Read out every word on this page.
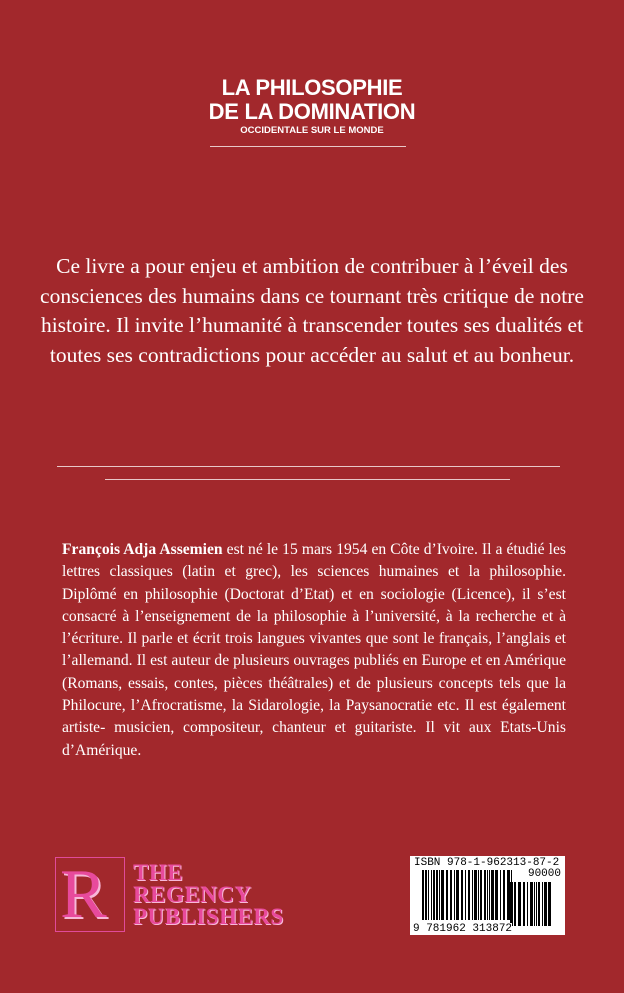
LA PHILOSOPHIE
DE LA DOMINATION
OCCIDENTALE SUR LE MONDE
Ce livre a pour enjeu et ambition de contribuer à l’éveil des consciences des humains dans ce tournant très critique de notre histoire. Il invite l’humanité à transcender toutes ses dualités et toutes ses contradictions pour accéder au salut et au bonheur.
François Adja Assemien est né le 15 mars 1954 en Côte d’Ivoire. Il a étudié les lettres classiques (latin et grec), les sciences humaines et la philosophie. Diplômé en philosophie (Doctorat d’Etat) et en sociologie (Licence), il s’est consacré à l’enseignement de la philosophie à l’université, à la recherche et à l’écriture. Il parle et écrit trois langues vivantes que sont le français, l’anglais et l’allemand. Il est auteur de plusieurs ouvrages publiés en Europe et en Amérique (Romans, essais, contes, pièces théâtrales) et de plusieurs concepts tels que la Philocure, l’Afrocratisme, la Sidarologie, la Paysanocratie etc. Il est également artiste- musicien, compositeur, chanteur et guitariste. Il vit aux Etats-Unis d’Amérique.
R THE
REGENCY
PUBLISHERS
ISBN 978-1-962313-87-2
90000
9 781962 313872
